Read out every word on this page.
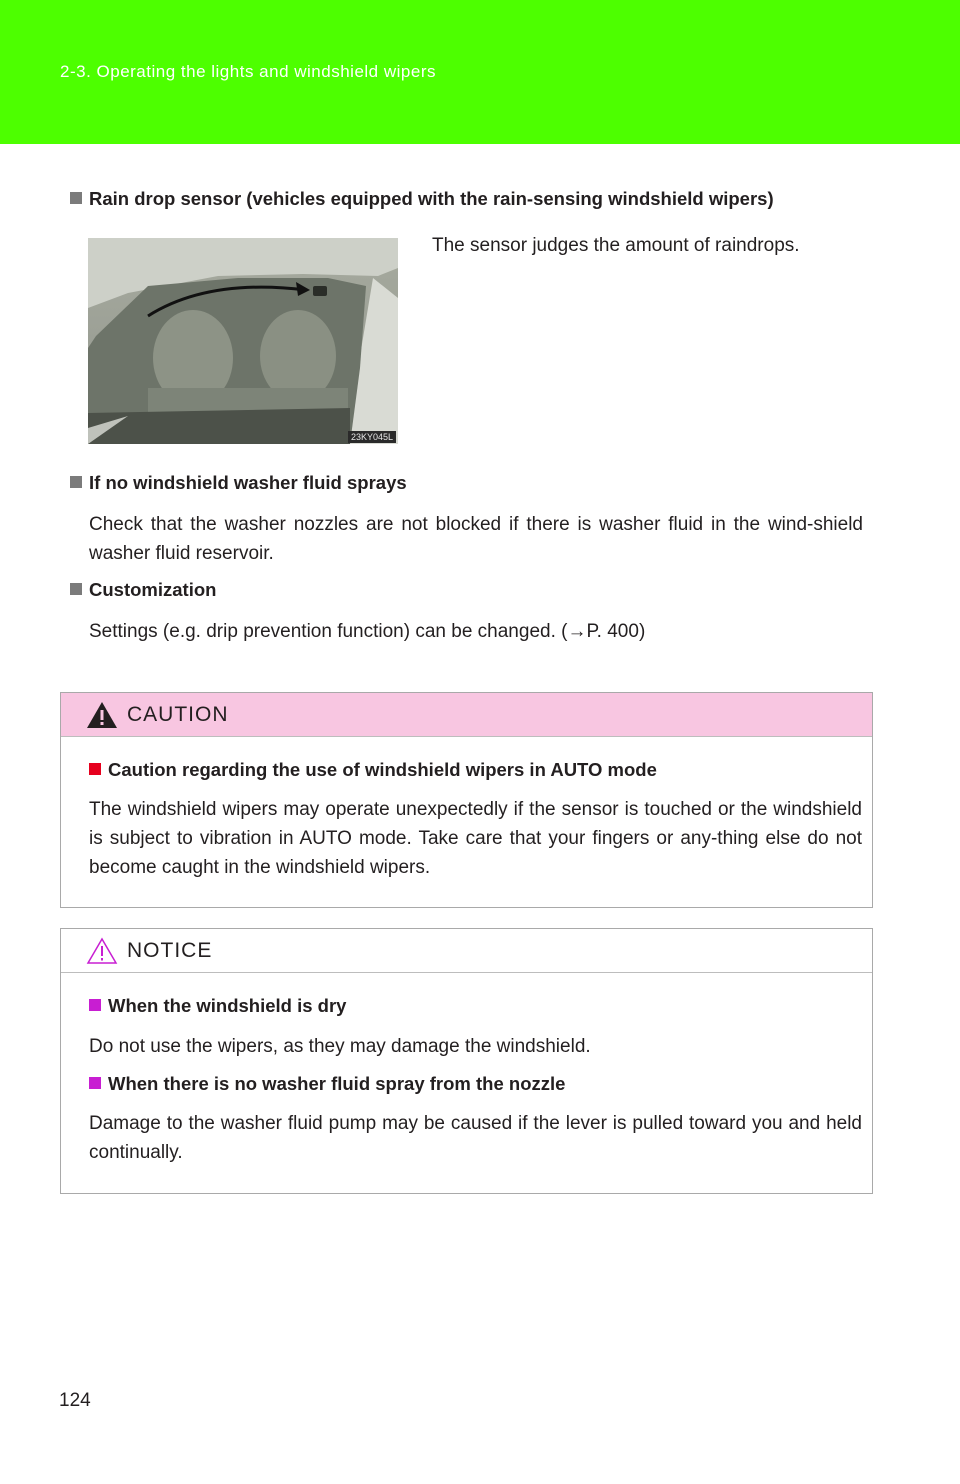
2-3. Operating the lights and windshield wipers
Rain drop sensor (vehicles equipped with the rain-sensing windshield wipers)
23KY045L
The sensor judges the amount of raindrops.
If no windshield washer fluid sprays
Check that the washer nozzles are not blocked if there is washer fluid in the wind-shield washer fluid reservoir.
Customization
Settings (e.g. drip prevention function) can be changed. (→P. 400)
CAUTION
Caution regarding the use of windshield wipers in AUTO mode
The windshield wipers may operate unexpectedly if the sensor is touched or the windshield is subject to vibration in AUTO mode. Take care that your fingers or any-thing else do not become caught in the windshield wipers.
NOTICE
When the windshield is dry
Do not use the wipers, as they may damage the windshield.
When there is no washer fluid spray from the nozzle
Damage to the washer fluid pump may be caused if the lever is pulled toward you and held continually.
124
